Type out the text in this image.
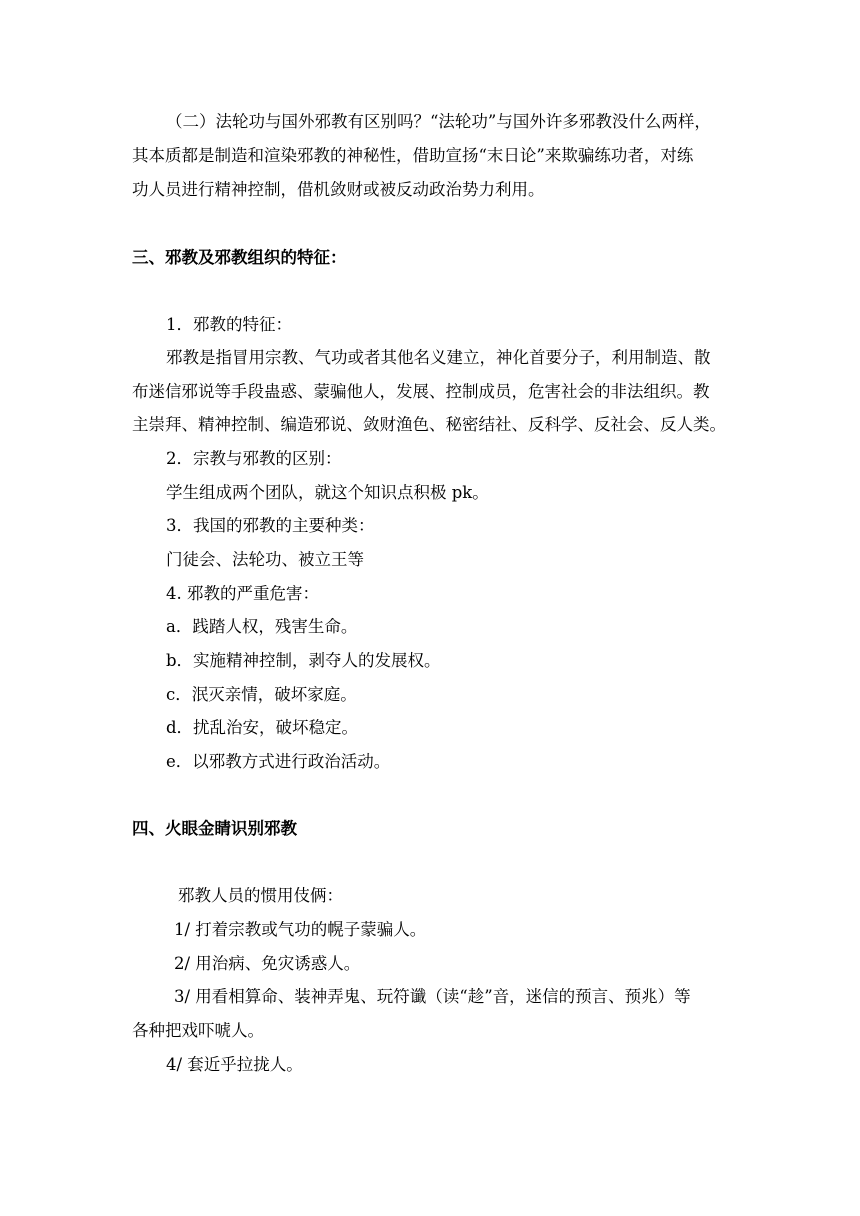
（二）法轮功与国外邪教有区别吗？“法轮功”与国外许多邪教没什么两样，
其本质都是制造和渲染邪教的神秘性，借助宣扬“末日论”来欺骗练功者，对练
功人员进行精神控制，借机敛财或被反动政治势力利用。
三、邪教及邪教组织的特征：
1．邪教的特征：
邪教是指冒用宗教、气功或者其他名义建立，神化首要分子，利用制造、散
布迷信邪说等手段蛊惑、蒙骗他人，发展、控制成员，危害社会的非法组织。教
主崇拜、精神控制、编造邪说、敛财渔色、秘密结社、反科学、反社会、反人类。
2．宗教与邪教的区别：
学生组成两个团队，就这个知识点积极 pk。
3．我国的邪教的主要种类：
门徒会、法轮功、被立王等
4. 邪教的严重危害：
a．践踏人权，残害生命。
b．实施精神控制，剥夺人的发展权。
c．泯灭亲情，破坏家庭。
d．扰乱治安，破坏稳定。
e．以邪教方式进行政治活动。
四、火眼金睛识别邪教
邪教人员的惯用伎俩：
1/ 打着宗教或气功的幌子蒙骗人。
2/ 用治病、免灾诱惑人。
3/ 用看相算命、装神弄鬼、玩符谶（读“趁”音，迷信的预言、预兆）等
各种把戏吓唬人。
4/ 套近乎拉拢人。
